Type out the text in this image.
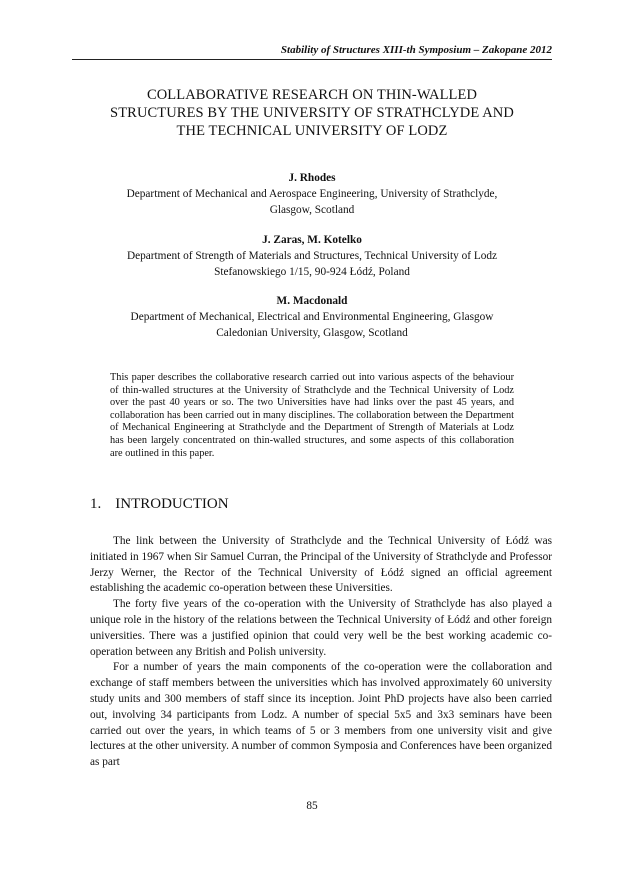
Stability of Structures XIII-th Symposium – Zakopane 2012
COLLABORATIVE RESEARCH ON THIN-WALLED
STRUCTURES BY THE UNIVERSITY OF STRATHCLYDE AND
THE TECHNICAL UNIVERSITY OF LODZ
J. Rhodes
Department of Mechanical and Aerospace Engineering, University of Strathclyde,
Glasgow, Scotland
J. Zaras, M. Kotelko
Department of Strength of Materials and Structures, Technical University of Lodz
Stefanowskiego 1/15, 90-924 Łódź, Poland
M. Macdonald
Department of Mechanical, Electrical and Environmental Engineering, Glasgow
Caledonian University, Glasgow, Scotland
This paper describes the collaborative research carried out into various aspects of the behaviour of thin-walled structures at the University of Strathclyde and the Technical University of Lodz over the past 40 years or so. The two Universities have had links over the past 45 years, and collaboration has been carried out in many disciplines. The collaboration between the Department of Mechanical Engineering at Strathclyde and the Department of Strength of Materials at Lodz has been largely concentrated on thin-walled structures, and some aspects of this collaboration are outlined in this paper.
1. INTRODUCTION

The link between the University of Strathclyde and the Technical University of Łódź was initiated in 1967 when Sir Samuel Curran, the Principal of the University of Strathclyde and Professor Jerzy Werner, the Rector of the Technical University of Łódź signed an official agreement establishing the academic co-operation between these Universities.

The forty five years of the co-operation with the University of Strathclyde has also played a unique role in the history of the relations between the Technical University of Łódź and other foreign universities. There was a justified opinion that could very well be the best working academic co-operation between any British and Polish university.

For a number of years the main components of the co-operation were the collaboration and exchange of staff members between the universities which has involved approximately 60 university study units and 300 members of staff since its inception. Joint PhD projects have also been carried out, involving 34 participants from Lodz. A number of special 5x5 and 3x3 seminars have been carried out over the years, in which teams of 5 or 3 members from one university visit and give lectures at the other university. A number of common Symposia and Conferences have been organized as part

85
